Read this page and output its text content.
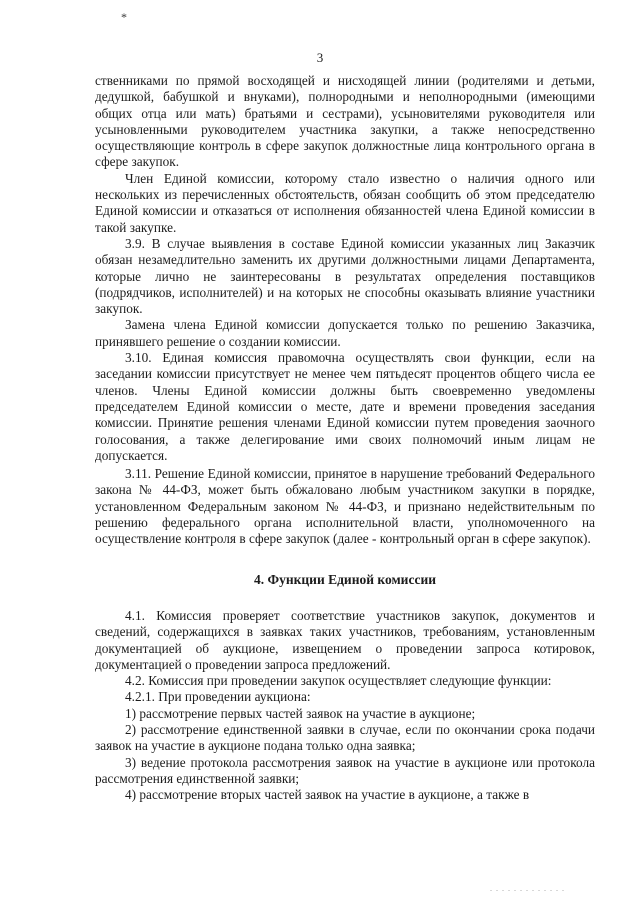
*
3

ственниками по прямой восходящей и нисходящей линии (родителями и детьми, дедушкой, бабушкой и внуками), полнородными и неполнородными (имеющими общих отца или мать) братьями и сестрами), усыновителями руководителя или усыновленными руководителем участника закупки, а также непосредственно осуществляющие контроль в сфере закупок должностные лица контрольного органа в сфере закупок.

Член Единой комиссии, которому стало известно о наличия одного или нескольких из перечисленных обстоятельств, обязан сообщить об этом председателю Единой комиссии и отказаться от исполнения обязанностей члена Единой комиссии в такой закупке.

3.9. В случае выявления в составе Единой комиссии указанных лиц Заказчик обязан незамедлительно заменить их другими должностными лицами Департамента, которые лично не заинтересованы в результатах определения поставщиков (подрядчиков, исполнителей) и на которых не способны оказывать влияние участники закупок.

Замена члена Единой комиссии допускается только по решению Заказчика, принявшего решение о создании комиссии.

3.10. Единая комиссия правомочна осуществлять свои функции, если на заседании комиссии присутствует не менее чем пятьдесят процентов общего числа ее членов. Члены Единой комиссии должны быть своевременно уведомлены председателем Единой комиссии о месте, дате и времени проведения заседания комиссии. Принятие решения членами Единой комиссии путем проведения заочного голосования, а также делегирование ими своих полномочий иным лицам не допускается.

3.11. Решение Единой комиссии, принятое в нарушение требований Федерального закона № 44-ФЗ, может быть обжаловано любым участником закупки в порядке, установленном Федеральным законом № 44-ФЗ, и признано недействительным по решению федерального органа исполнительной власти, уполномоченного на осуществление контроля в сфере закупок (далее - контрольный орган в сфере закупок).

4. Функции Единой комиссии

4.1. Комиссия проверяет соответствие участников закупок, документов и сведений, содержащихся в заявках таких участников, требованиям, установленным документацией об аукционе, извещением о проведении запроса котировок, документацией о проведении запроса предложений.

4.2. Комиссия при проведении закупок осуществляет следующие функции:

4.2.1. При проведении аукциона:

1) рассмотрение первых частей заявок на участие в аукционе;

2) рассмотрение единственной заявки в случае, если по окончании срока подачи заявок на участие в аукционе подана только одна заявка;

3) ведение протокола рассмотрения заявок на участие в аукционе или протокола рассмотрения единственной заявки;

4) рассмотрение вторых частей заявок на участие в аукционе, а также в

. . . . . . . . . . . . .
